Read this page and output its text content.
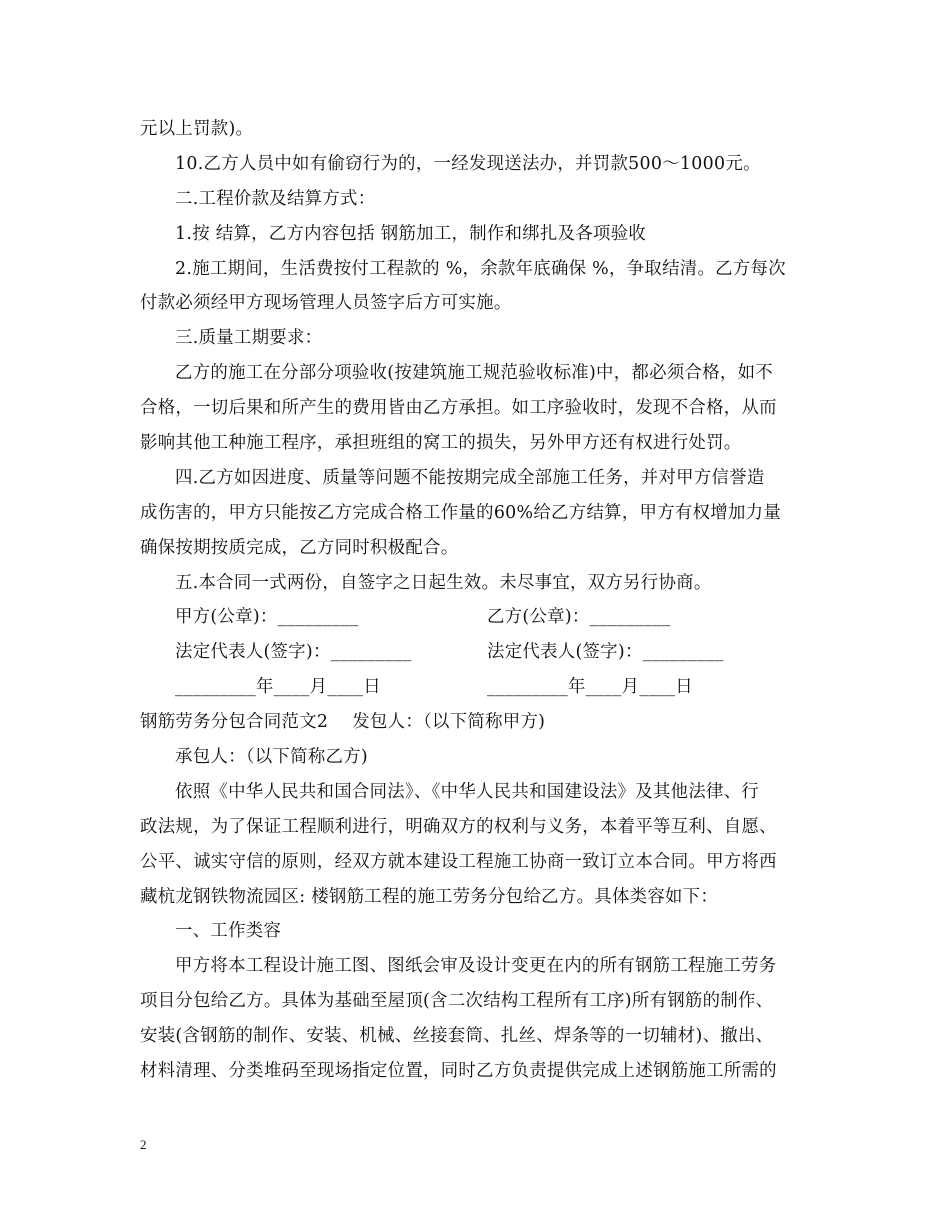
元以上罚款)。
10.乙方人员中如有偷窃行为的，一经发现送法办，并罚款500～1000元。
二.工程价款及结算方式：
1.按 结算，乙方内容包括 钢筋加工，制作和绑扎及各项验收
2.施工期间，生活费按付工程款的 %，余款年底确保 %，争取结清。乙方每次
付款必须经甲方现场管理人员签字后方可实施。
三.质量工期要求：
乙方的施工在分部分项验收(按建筑施工规范验收标准)中，都必须合格，如不
合格，一切后果和所产生的费用皆由乙方承担。如工序验收时，发现不合格，从而
影响其他工种施工程序，承担班组的窝工的损失，另外甲方还有权进行处罚。
四.乙方如因进度、质量等问题不能按期完成全部施工任务，并对甲方信誉造
成伤害的，甲方只能按乙方完成合格工作量的60%给乙方结算，甲方有权增加力量
确保按期按质完成，乙方同时积极配合。
五.本合同一式两份，自签字之日起生效。未尽事宜，双方另行协商。
甲方(公章)：_________	乙方(公章)：_________
法定代表人(签字)：_________	法定代表人(签字)：_________
_________年____月____日	_________年____月____日
钢筋劳务分包合同范文2 发包人：（以下简称甲方)
承包人：（以下简称乙方)
依照《中华人民共和国合同法》、《中华人民共和国建设法》及其他法律、行
政法规，为了保证工程顺利进行，明确双方的权利与义务，本着平等互利、自愿、
公平、诚实守信的原则，经双方就本建设工程施工协商一致订立本合同。甲方将西
藏杭龙钢铁物流园区: 楼钢筋工程的施工劳务分包给乙方。具体类容如下：
一、工作类容
甲方将本工程设计施工图、图纸会审及设计变更在内的所有钢筋工程施工劳务
项目分包给乙方。具体为基础至屋顶(含二次结构工程所有工序)所有钢筋的制作、
安装(含钢筋的制作、安装、机械、丝接套筒、扎丝、焊条等的一切辅材)、撤出、
材料清理、分类堆码至现场指定位置，同时乙方负责提供完成上述钢筋施工所需的
2
